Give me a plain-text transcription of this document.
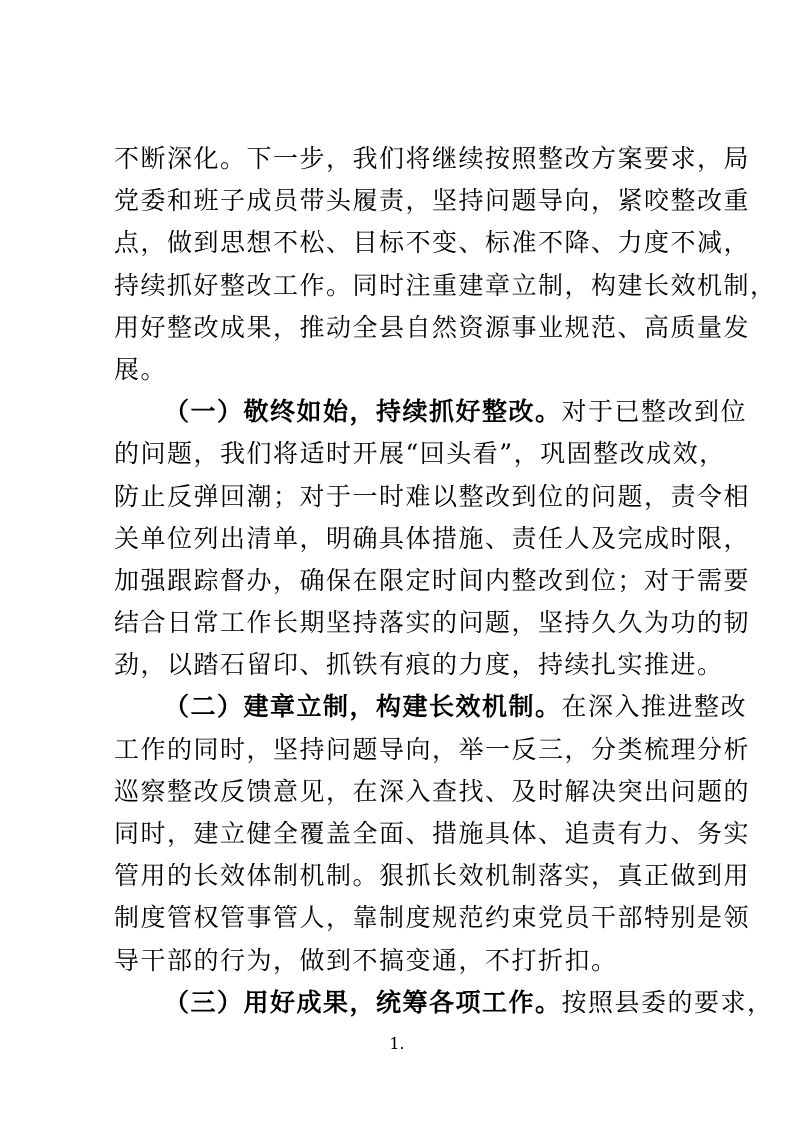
不断深化。下一步，我们将继续按照整改方案要求，局
党委和班子成员带头履责，坚持问题导向，紧咬整改重
点，做到思想不松、目标不变、标准不降、力度不减，
持续抓好整改工作。同时注重建章立制，构建长效机制，
用好整改成果，推动全县自然资源事业规范、高质量发
展。
（一）敬终如始，持续抓好整改。对于已整改到位
的问题，我们将适时开展“回头看”，巩固整改成效，
防止反弹回潮；对于一时难以整改到位的问题，责令相
关单位列出清单，明确具体措施、责任人及完成时限，
加强跟踪督办，确保在限定时间内整改到位；对于需要
结合日常工作长期坚持落实的问题，坚持久久为功的韧
劲，以踏石留印、抓铁有痕的力度，持续扎实推进。
（二）建章立制，构建长效机制。在深入推进整改
工作的同时，坚持问题导向，举一反三，分类梳理分析
巡察整改反馈意见，在深入查找、及时解决突出问题的
同时，建立健全覆盖全面、措施具体、追责有力、务实
管用的长效体制机制。狠抓长效机制落实，真正做到用
制度管权管事管人，靠制度规范约束党员干部特别是领
导干部的行为，做到不搞变通，不打折扣。
（三）用好成果，统筹各项工作。按照县委的要求，
1.
